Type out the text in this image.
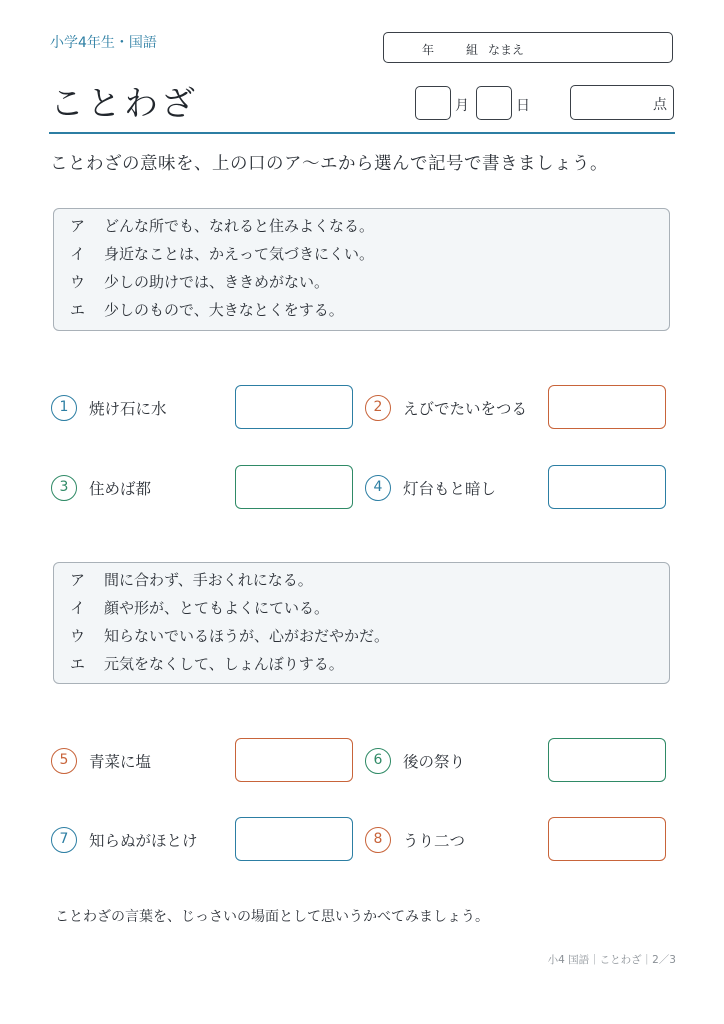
小学4年生・国語	年	組 なまえ
ことわざ	月	日	点
ことわざの意味を、上の口のア〜エから選んで記号で書きましょう。
ア どんな所でも、なれると住みよくなる。
イ 身近なことは、かえって気づきにくい。
ウ 少しの助けでは、ききめがない。
エ 少しのもので、大きなとくをする。
1	焼け石に水	2	えびでたいをつる
3	住めば都	4	灯台もと暗し
ア 間に合わず、手おくれになる。
イ 顔や形が、とてもよくにている。
ウ 知らないでいるほうが、心がおだやかだ。
エ 元気をなくして、しょんぼりする。
5	青菜に塩	6	後の祭り
7	知らぬがほとけ	8	うり二つ
ことわざの言葉を、じっさいの場面として思いうかべてみましょう。
小4 国語｜ことわざ｜2／3
